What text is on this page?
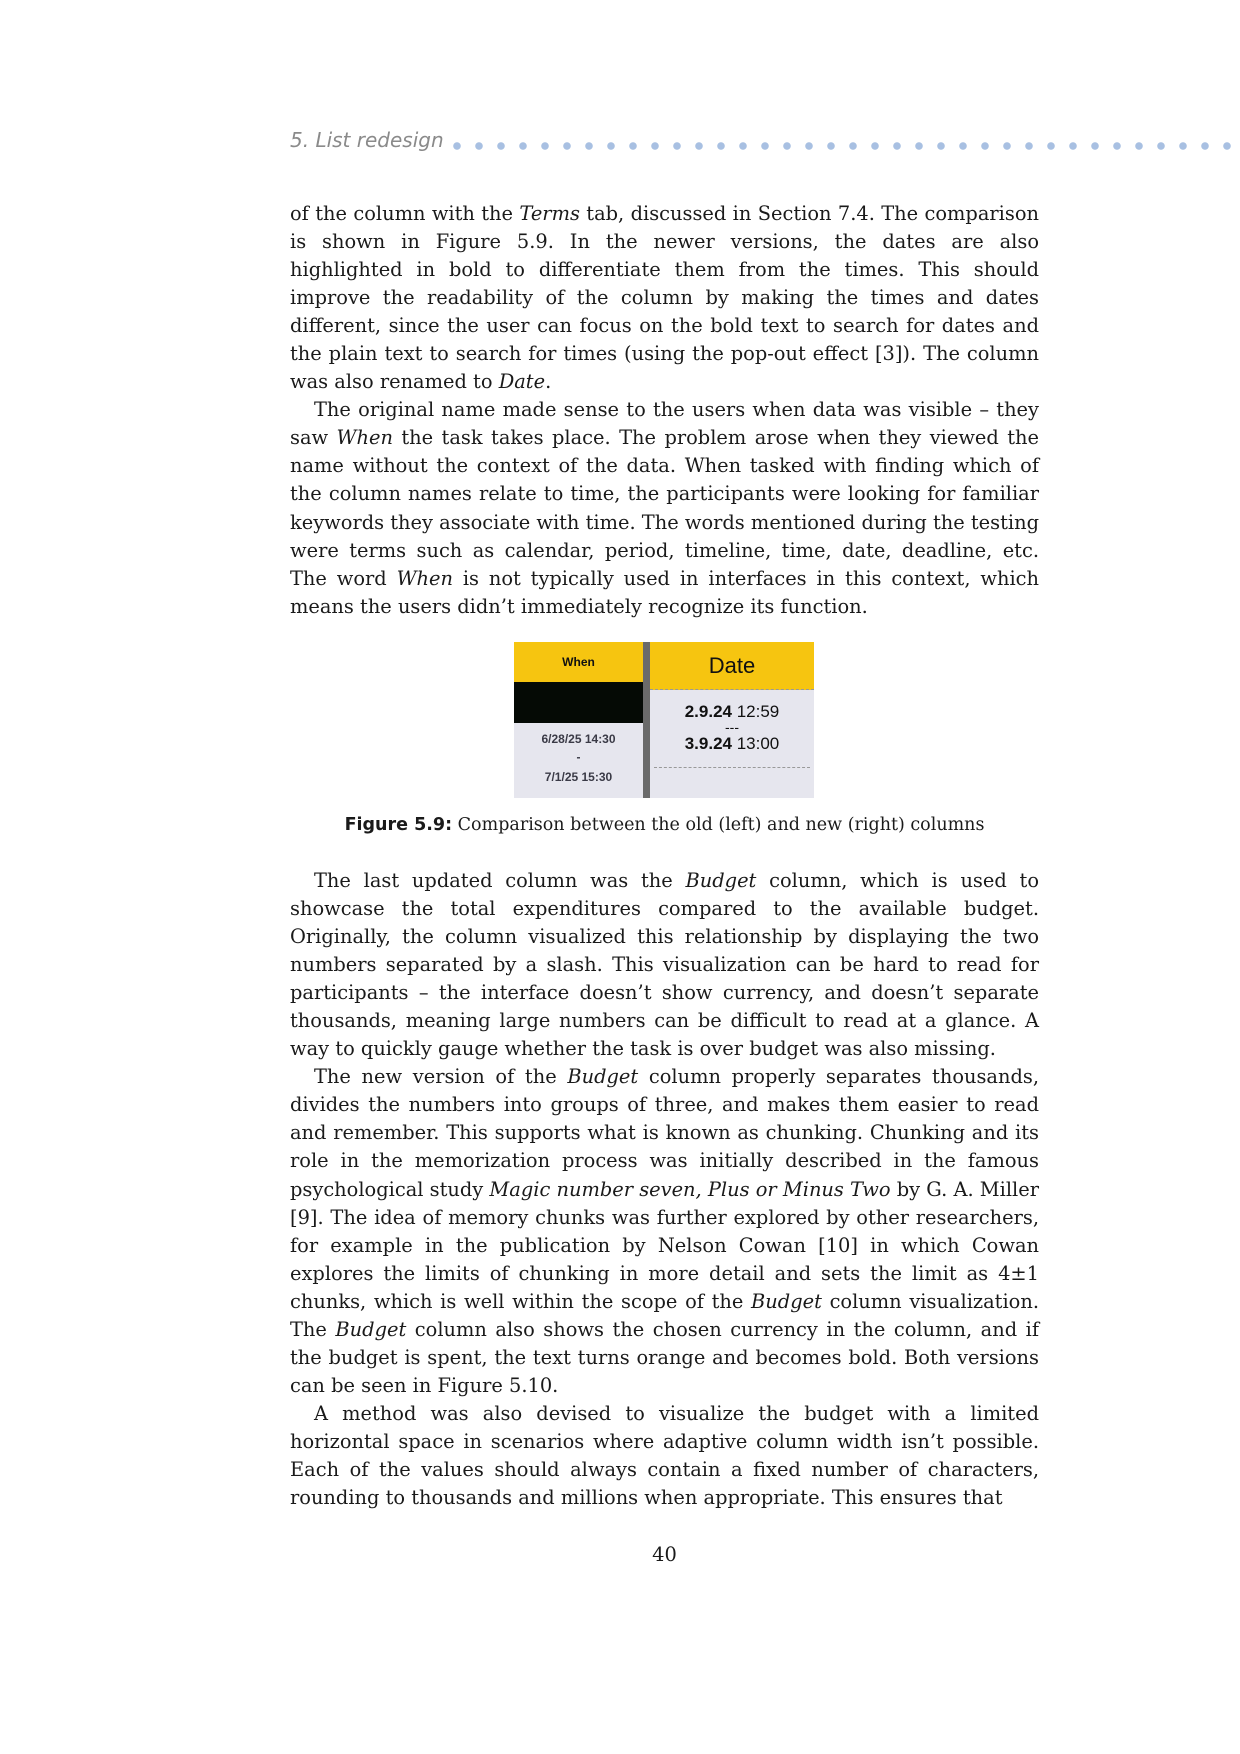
5. List redesign

of the column with the Terms tab, discussed in Section 7.4. The comparison is shown in Figure 5.9. In the newer versions, the dates are also highlighted in bold to differentiate them from the times. This should improve the readability of the column by making the times and dates different, since the user can focus on the bold text to search for dates and the plain text to search for times (using the pop-out effect [3]). The column was also renamed to Date.

The original name made sense to the users when data was visible – they saw When the task takes place. The problem arose when they viewed the name without the context of the data. When tasked with finding which of the column names relate to time, the participants were looking for familiar keywords they associate with time. The words mentioned during the testing were terms such as calendar, period, timeline, time, date, deadline, etc. The word When is not typically used in interfaces in this context, which means the users didn’t immediately recognize its function.

When
6/28/25 14:30
-
7/1/25 15:30
Date
2.9.24 12:59
---
3.9.24 13:00
Figure 5.9: Comparison between the old (left) and new (right) columns

The last updated column was the Budget column, which is used to showcase the total expenditures compared to the available budget. Originally, the column visualized this relationship by displaying the two numbers separated by a slash. This visualization can be hard to read for participants – the interface doesn’t show currency, and doesn’t separate thousands, meaning large numbers can be difficult to read at a glance. A way to quickly gauge whether the task is over budget was also missing.

The new version of the Budget column properly separates thousands, divides the numbers into groups of three, and makes them easier to read and remember. This supports what is known as chunking. Chunking and its role in the memorization process was initially described in the famous psychological study Magic number seven, Plus or Minus Two by G. A. Miller [9]. The idea of memory chunks was further explored by other researchers, for example in the publication by Nelson Cowan [10] in which Cowan explores the limits of chunking in more detail and sets the limit as 4±1 chunks, which is well within the scope of the Budget column visualization. The Budget column also shows the chosen currency in the column, and if the budget is spent, the text turns orange and becomes bold. Both versions can be seen in Figure 5.10.

A method was also devised to visualize the budget with a limited horizontal space in scenarios where adaptive column width isn’t possible. Each of the values should always contain a fixed number of characters, rounding to thousands and millions when appropriate. This ensures that

40
